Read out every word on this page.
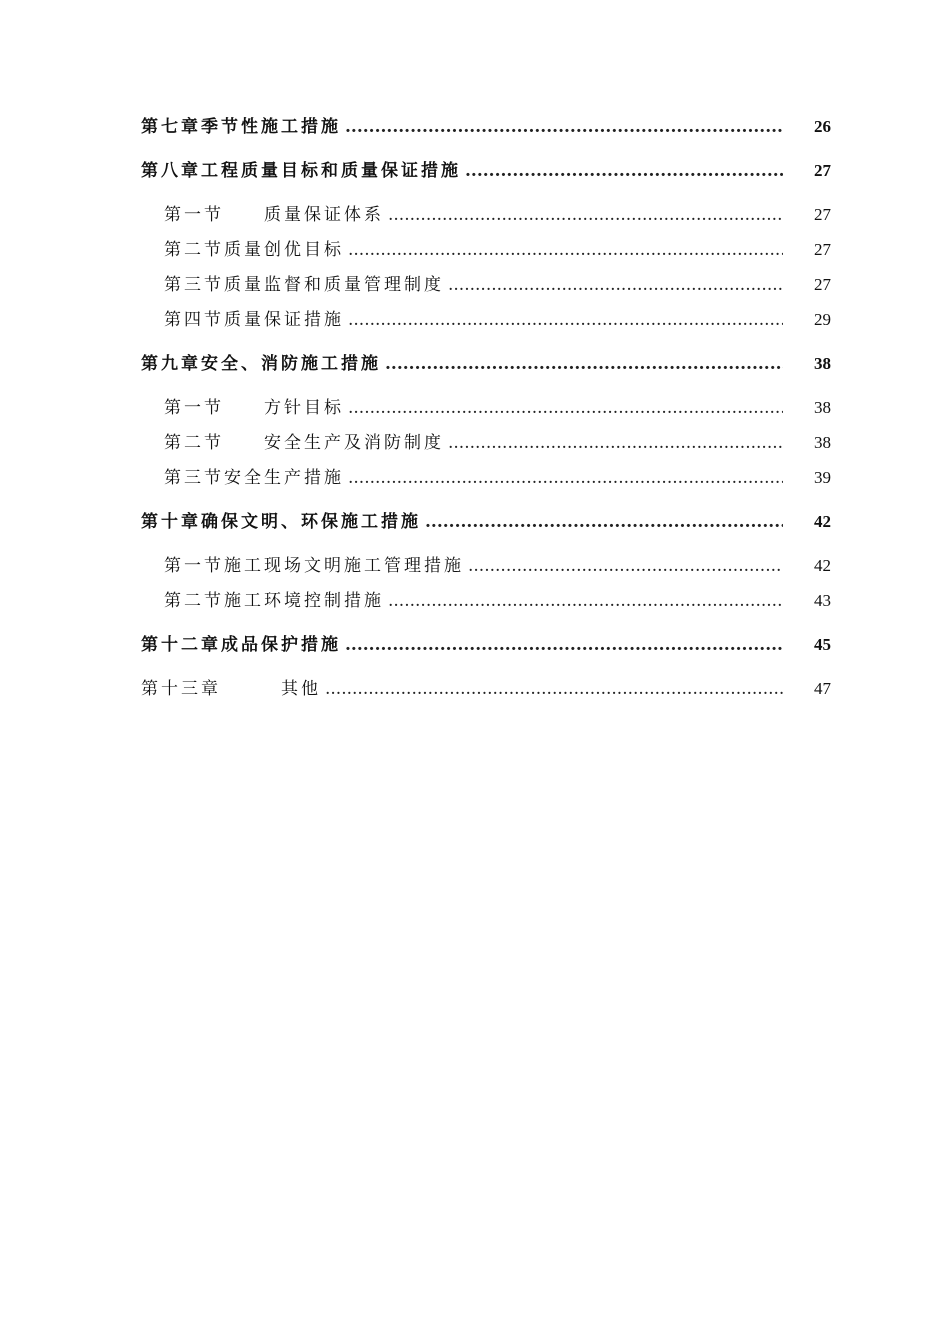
第七章季节性施工措施 .....	26
第八章工程质量目标和质量保证措施 .....	27
第一节　　质量保证体系 .....	27
第二节质量创优目标 .....	27
第三节质量监督和质量管理制度 .....	27
第四节质量保证措施 .....	29
第九章安全、消防施工措施 .....	38
第一节　　方针目标 .....	38
第二节　　安全生产及消防制度 .....	38
第三节安全生产措施 .....	39
第十章确保文明、环保施工措施 .....	42
第一节施工现场文明施工管理措施 .....	42
第二节施工环境控制措施 .....	43
第十二章成品保护措施 .....	45
第十三章　　　其他 .....	47
